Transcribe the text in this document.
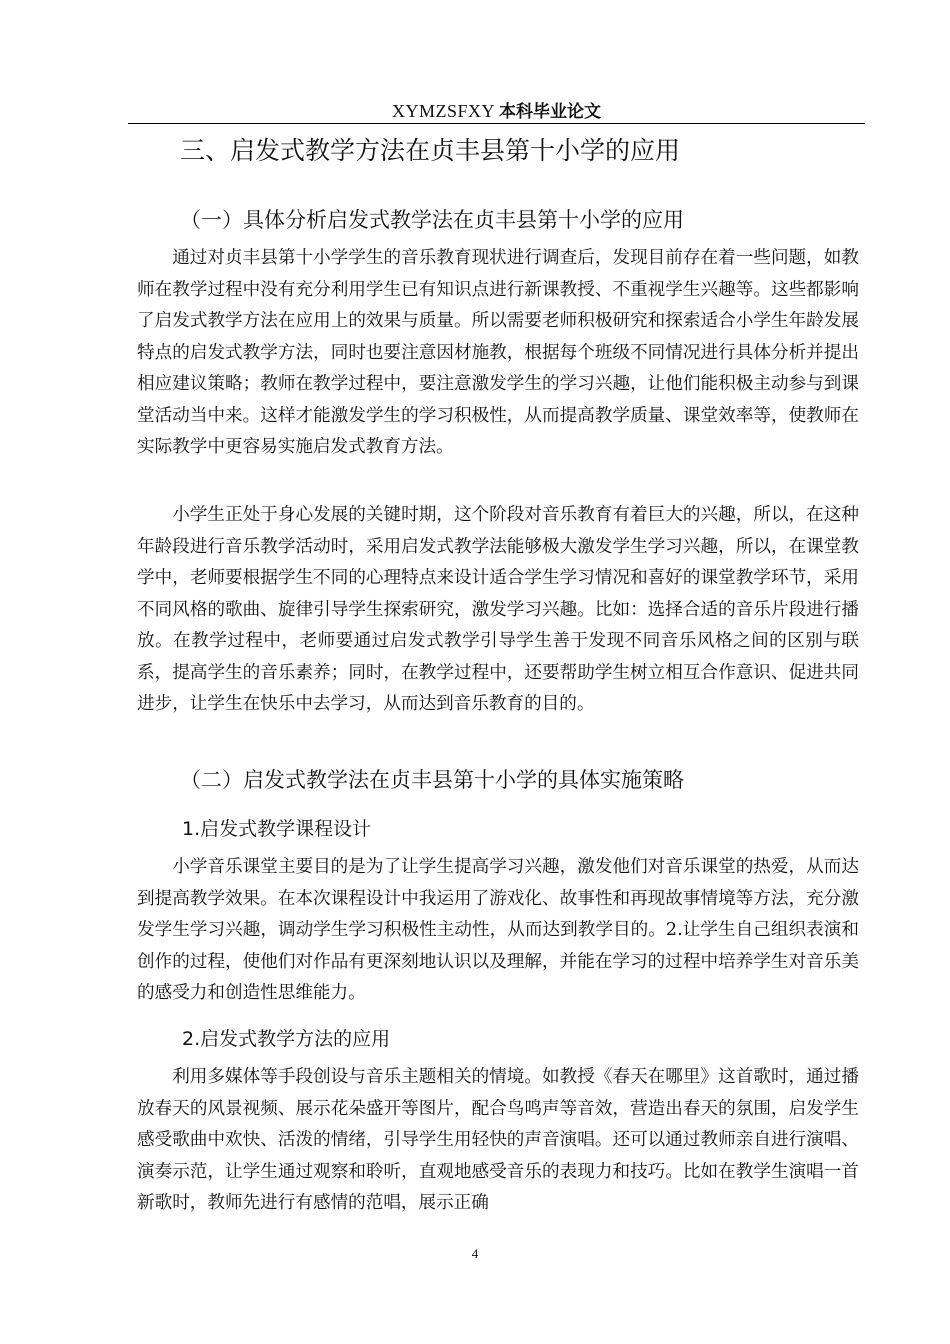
XYMZSFXY 本科毕业论文
三、启发式教学方法在贞丰县第十小学的应用
（一）具体分析启发式教学法在贞丰县第十小学的应用

通过对贞丰县第十小学学生的音乐教育现状进行调查后，发现目前存在着一些问题，如教师在教学过程中没有充分利用学生已有知识点进行新课教授、不重视学生兴趣等。这些都影响了启发式教学方法在应用上的效果与质量。所以需要老师积极研究和探索适合小学生年龄发展特点的启发式教学方法，同时也要注意因材施教，根据每个班级不同情况进行具体分析并提出相应建议策略；教师在教学过程中，要注意激发学生的学习兴趣，让他们能积极主动参与到课堂活动当中来。这样才能激发学生的学习积极性，从而提高教学质量、课堂效率等，使教师在实际教学中更容易实施启发式教育方法。

小学生正处于身心发展的关键时期，这个阶段对音乐教育有着巨大的兴趣，所以，在这种年龄段进行音乐教学活动时，采用启发式教学法能够极大激发学生学习兴趣，所以，在课堂教学中，老师要根据学生不同的心理特点来设计适合学生学习情况和喜好的课堂教学环节，采用不同风格的歌曲、旋律引导学生探索研究，激发学习兴趣。比如：选择合适的音乐片段进行播放。在教学过程中，老师要通过启发式教学引导学生善于发现不同音乐风格之间的区别与联系，提高学生的音乐素养；同时，在教学过程中，还要帮助学生树立相互合作意识、促进共同进步，让学生在快乐中去学习，从而达到音乐教育的目的。

（二）启发式教学法在贞丰县第十小学的具体实施策略
1.启发式教学课程设计

小学音乐课堂主要目的是为了让学生提高学习兴趣，激发他们对音乐课堂的热爱，从而达到提高教学效果。在本次课程设计中我运用了游戏化、故事性和再现故事情境等方法，充分激发学生学习兴趣，调动学生学习积极性主动性，从而达到教学目的。2.让学生自己组织表演和创作的过程，使他们对作品有更深刻地认识以及理解，并能在学习的过程中培养学生对音乐美的感受力和创造性思维能力。

2.启发式教学方法的应用

利用多媒体等手段创设与音乐主题相关的情境。如教授《春天在哪里》这首歌时，通过播放春天的风景视频、展示花朵盛开等图片，配合鸟鸣声等音效，营造出春天的氛围，启发学生感受歌曲中欢快、活泼的情绪，引导学生用轻快的声音演唱。还可以通过教师亲自进行演唱、演奏示范，让学生通过观察和聆听，直观地感受音乐的表现力和技巧。比如在教学生演唱一首新歌时，教师先进行有感情的范唱，展示正确

4
